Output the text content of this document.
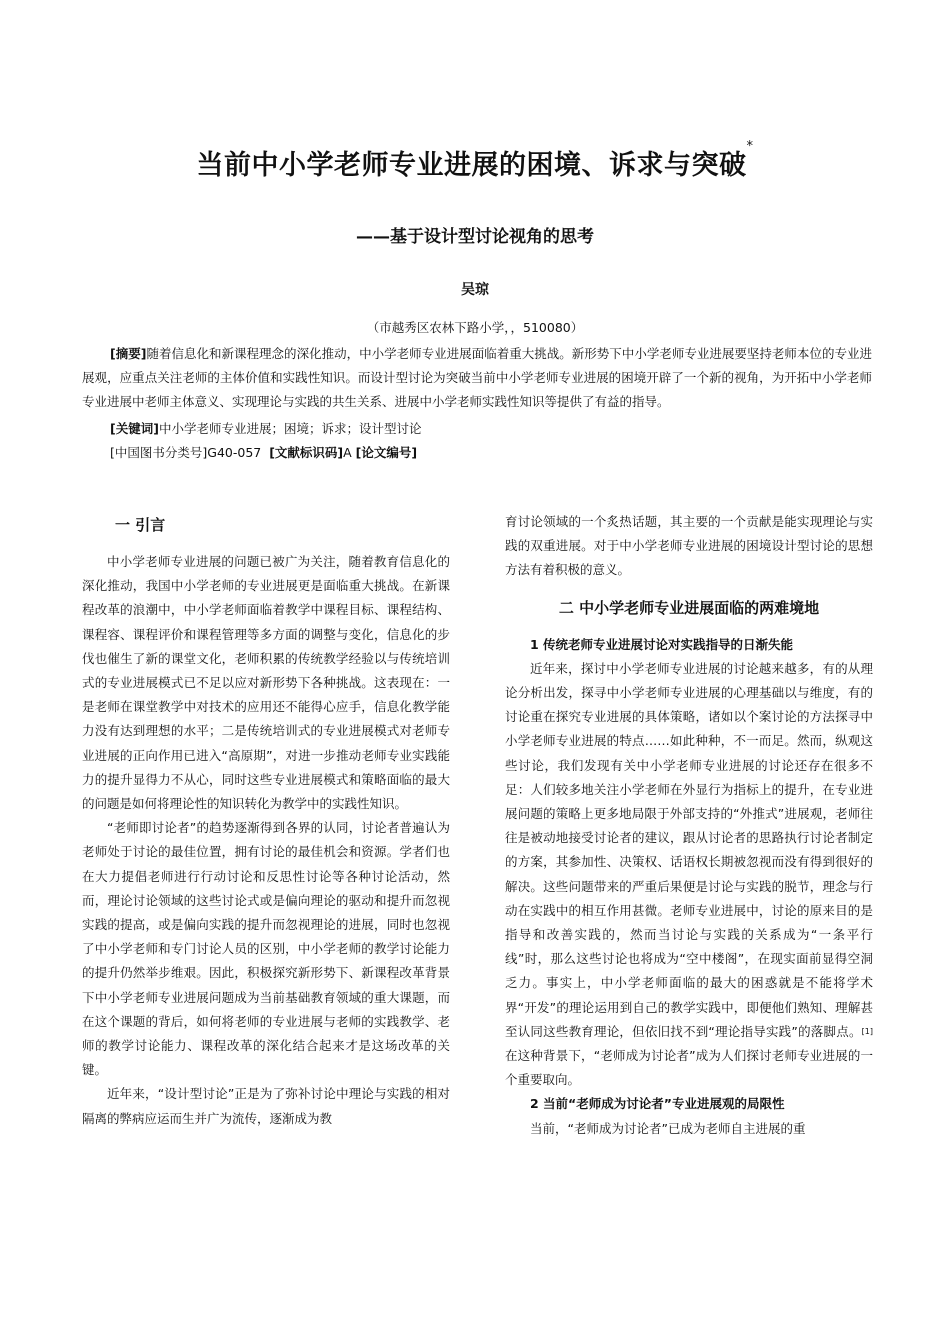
当前中小学老师专业进展的困境、诉求与突破*
——基于设计型讨论视角的思考
吴琼
（市越秀区农林下路小学，，510080）

[摘要]随着信息化和新课程理念的深化推动，中小学老师专业进展面临着重大挑战。新形势下中小学老师专业进展要坚持老师本位的专业进展观，应重点关注老师的主体价值和实践性知识。而设计型讨论为突破当前中小学老师专业进展的困境开辟了一个新的视角，为开拓中小学老师专业进展中老师主体意义、实现理论与实践的共生关系、进展中小学老师实践性知识等提供了有益的指导。

[关键词]中小学老师专业进展；困境；诉求；设计型讨论

[中国图书分类号]G40-057 [文献标识码]A [论文编号]

一 引言

中小学老师专业进展的问题已被广为关注，随着教育信息化的深化推动，我国中小学老师的专业进展更是面临重大挑战。在新课程改革的浪潮中，中小学老师面临着教学中课程目标、课程结构、课程容、课程评价和课程管理等多方面的调整与变化，信息化的步伐也催生了新的课堂文化，老师积累的传统教学经验以与传统培训式的专业进展模式已不足以应对新形势下各种挑战。这表现在：一是老师在课堂教学中对技术的应用还不能得心应手，信息化教学能力没有达到理想的水平；二是传统培训式的专业进展模式对老师专业进展的正向作用已进入“高原期”，对进一步推动老师专业实践能力的提升显得力不从心，同时这些专业进展模式和策略面临的最大的问题是如何将理论性的知识转化为教学中的实践性知识。

“老师即讨论者”的趋势逐渐得到各界的认同，讨论者普遍认为老师处于讨论的最佳位置，拥有讨论的最佳机会和资源。学者们也在大力提倡老师进行行动讨论和反思性讨论等各种讨论活动，然而，理论讨论领域的这些讨论式或是偏向理论的驱动和提升而忽视实践的提高，或是偏向实践的提升而忽视理论的进展，同时也忽视了中小学老师和专门讨论人员的区别，中小学老师的教学讨论能力的提升仍然举步维艰。因此，积极探究新形势下、新课程改革背景下中小学老师专业进展问题成为当前基础教育领域的重大课题，而在这个课题的背后，如何将老师的专业进展与老师的实践教学、老师的教学讨论能力、课程改革的深化结合起来才是这场改革的关键。

近年来，“设计型讨论”正是为了弥补讨论中理论与实践的相对隔离的弊病应运而生并广为流传，逐渐成为教

育讨论领域的一个炙热话题，其主要的一个贡献是能实现理论与实践的双重进展。对于中小学老师专业进展的困境设计型讨论的思想方法有着积极的意义。

二 中小学老师专业进展面临的两难境地

1 传统老师专业进展讨论对实践指导的日渐失能

近年来，探讨中小学老师专业进展的讨论越来越多，有的从理论分析出发，探寻中小学老师专业进展的心理基础以与维度，有的讨论重在探究专业进展的具体策略，诸如以个案讨论的方法探寻中小学老师专业进展的特点……如此种种，不一而足。然而，纵观这些讨论，我们发现有关中小学老师专业进展的讨论还存在很多不足：人们较多地关注小学老师在外显行为指标上的提升，在专业进展问题的策略上更多地局限于外部支持的“外推式”进展观，老师往往是被动地接受讨论者的建议，跟从讨论者的思路执行讨论者制定的方案，其参加性、决策权、话语权长期被忽视而没有得到很好的解决。这些问题带来的严重后果便是讨论与实践的脱节，理念与行动在实践中的相互作用甚微。老师专业进展中，讨论的原来目的是指导和改善实践的，然而当讨论与实践的关系成为“一条平行线”时，那么这些讨论也将成为“空中楼阁”，在现实面前显得空洞乏力。事实上，中小学老师面临的最大的困惑就是不能将学术界“开发”的理论运用到自己的教学实践中，即便他们熟知、理解甚至认同这些教育理论，但依旧找不到“理论指导实践”的落脚点。[1]在这种背景下，“老师成为讨论者”成为人们探讨老师专业进展的一个重要取向。

2 当前“老师成为讨论者”专业进展观的局限性

当前，“老师成为讨论者”已成为老师自主进展的重
